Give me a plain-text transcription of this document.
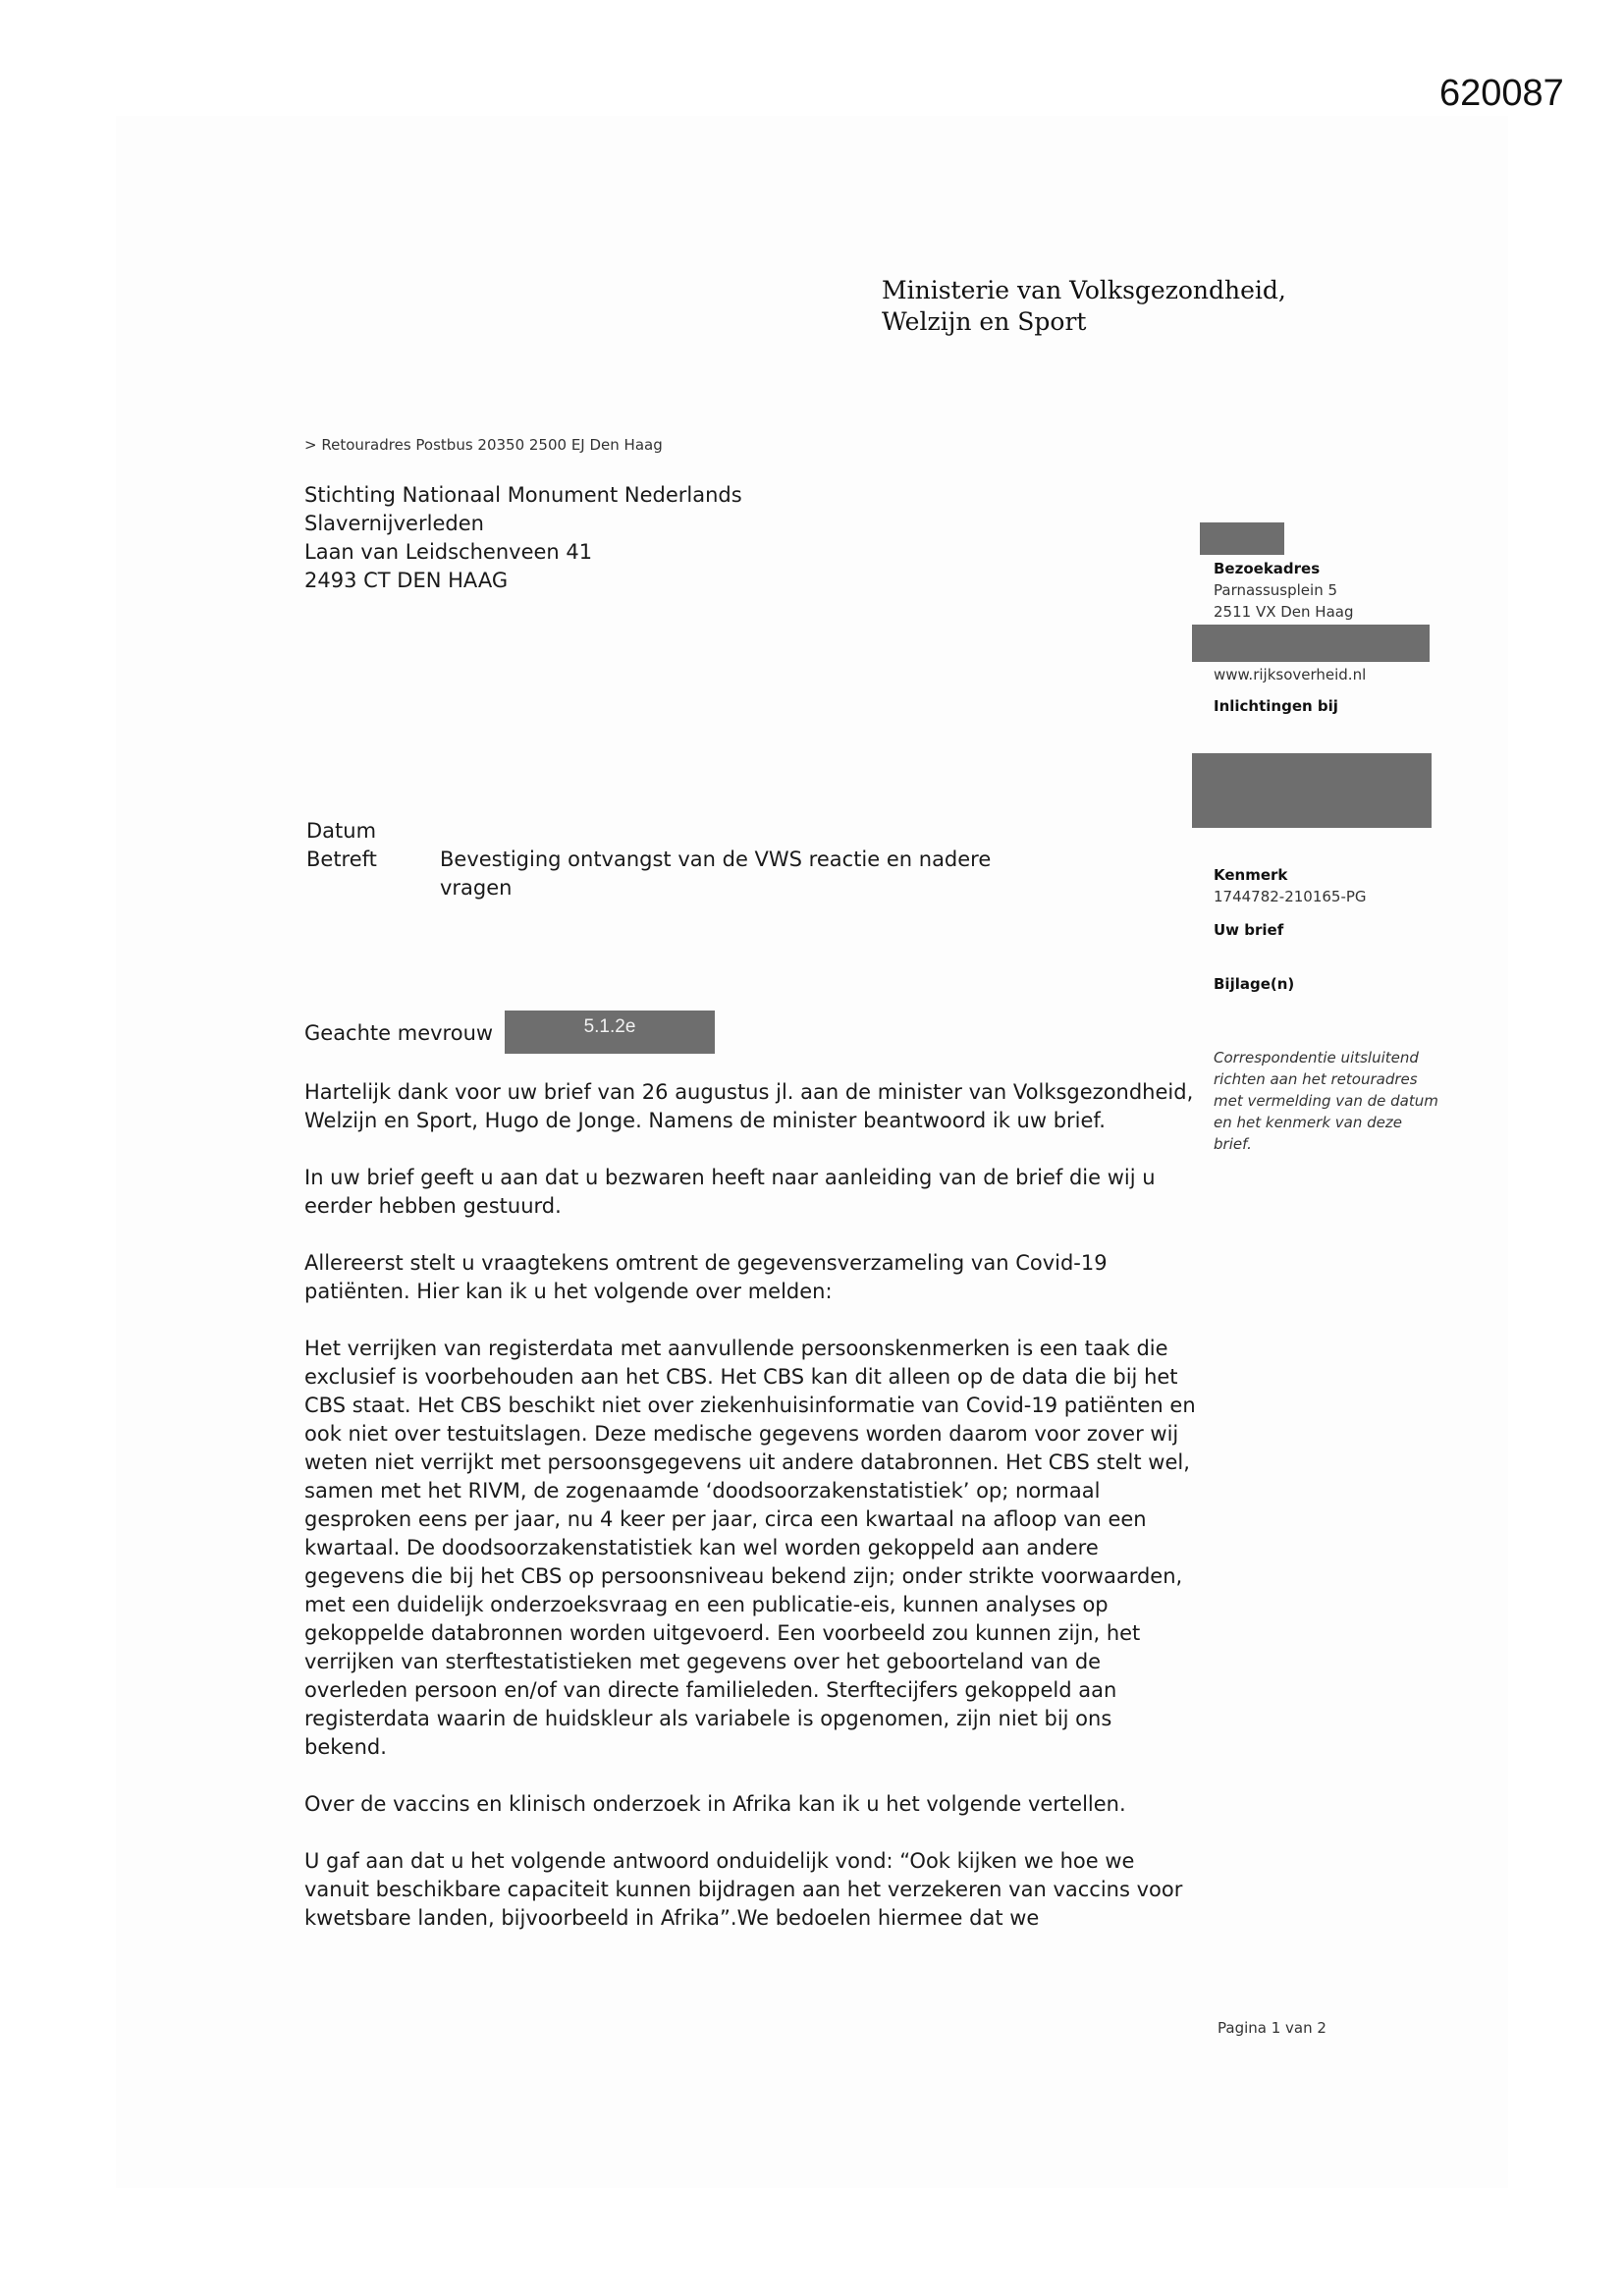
620087
Ministerie van Volksgezondheid,
Welzijn en Sport
> Retouradres Postbus 20350 2500 EJ Den Haag
Stichting Nationaal Monument Nederlands
Slavernijverleden
Laan van Leidschenveen 41
2493 CT DEN HAAG	Bezoekadres
Parnassusplein 5
2511 VX Den Haag
www.rijksoverheid.nl
Inlichtingen bij
Kenmerk
1744782-210165-PG
Uw brief
Bijlage(n)
Correspondentie uitsluitend
richten aan het retouradres
met vermelding van de datum
en het kenmerk van deze
brief.
Datum
Betreft	Bevestiging ontvangst van de VWS reactie en nadere vragen
Geachte mevrouw	5.1.2e

Hartelijk dank voor uw brief van 26 augustus jl. aan de minister van Volksgezondheid, Welzijn en Sport, Hugo de Jonge. Namens de minister beantwoord ik uw brief.

In uw brief geeft u aan dat u bezwaren heeft naar aanleiding van de brief die wij u eerder hebben gestuurd.

Allereerst stelt u vraagtekens omtrent de gegevensverzameling van Covid-19 patiënten. Hier kan ik u het volgende over melden:

Het verrijken van registerdata met aanvullende persoonskenmerken is een taak die exclusief is voorbehouden aan het CBS. Het CBS kan dit alleen op de data die bij het CBS staat. Het CBS beschikt niet over ziekenhuisinformatie van Covid-19 patiënten en ook niet over testuitslagen. Deze medische gegevens worden daarom voor zover wij weten niet verrijkt met persoonsgegevens uit andere databronnen. Het CBS stelt wel, samen met het RIVM, de zogenaamde ‘doodsoorzakenstatistiek’ op; normaal gesproken eens per jaar, nu 4 keer per jaar, circa een kwartaal na afloop van een kwartaal. De doodsoorzakenstatistiek kan wel worden gekoppeld aan andere gegevens die bij het CBS op persoonsniveau bekend zijn; onder strikte voorwaarden, met een duidelijk onderzoeksvraag en een publicatie-eis, kunnen analyses op gekoppelde databronnen worden uitgevoerd. Een voorbeeld zou kunnen zijn, het verrijken van sterftestatistieken met gegevens over het geboorteland van de overleden persoon en/of van directe familieleden. Sterftecijfers gekoppeld aan registerdata waarin de huidskleur als variabele is opgenomen, zijn niet bij ons bekend.

Over de vaccins en klinisch onderzoek in Afrika kan ik u het volgende vertellen.

U gaf aan dat u het volgende antwoord onduidelijk vond: “Ook kijken we hoe we vanuit beschikbare capaciteit kunnen bijdragen aan het verzekeren van vaccins voor kwetsbare landen, bijvoorbeeld in Afrika”.We bedoelen hiermee dat we

Pagina 1 van 2
